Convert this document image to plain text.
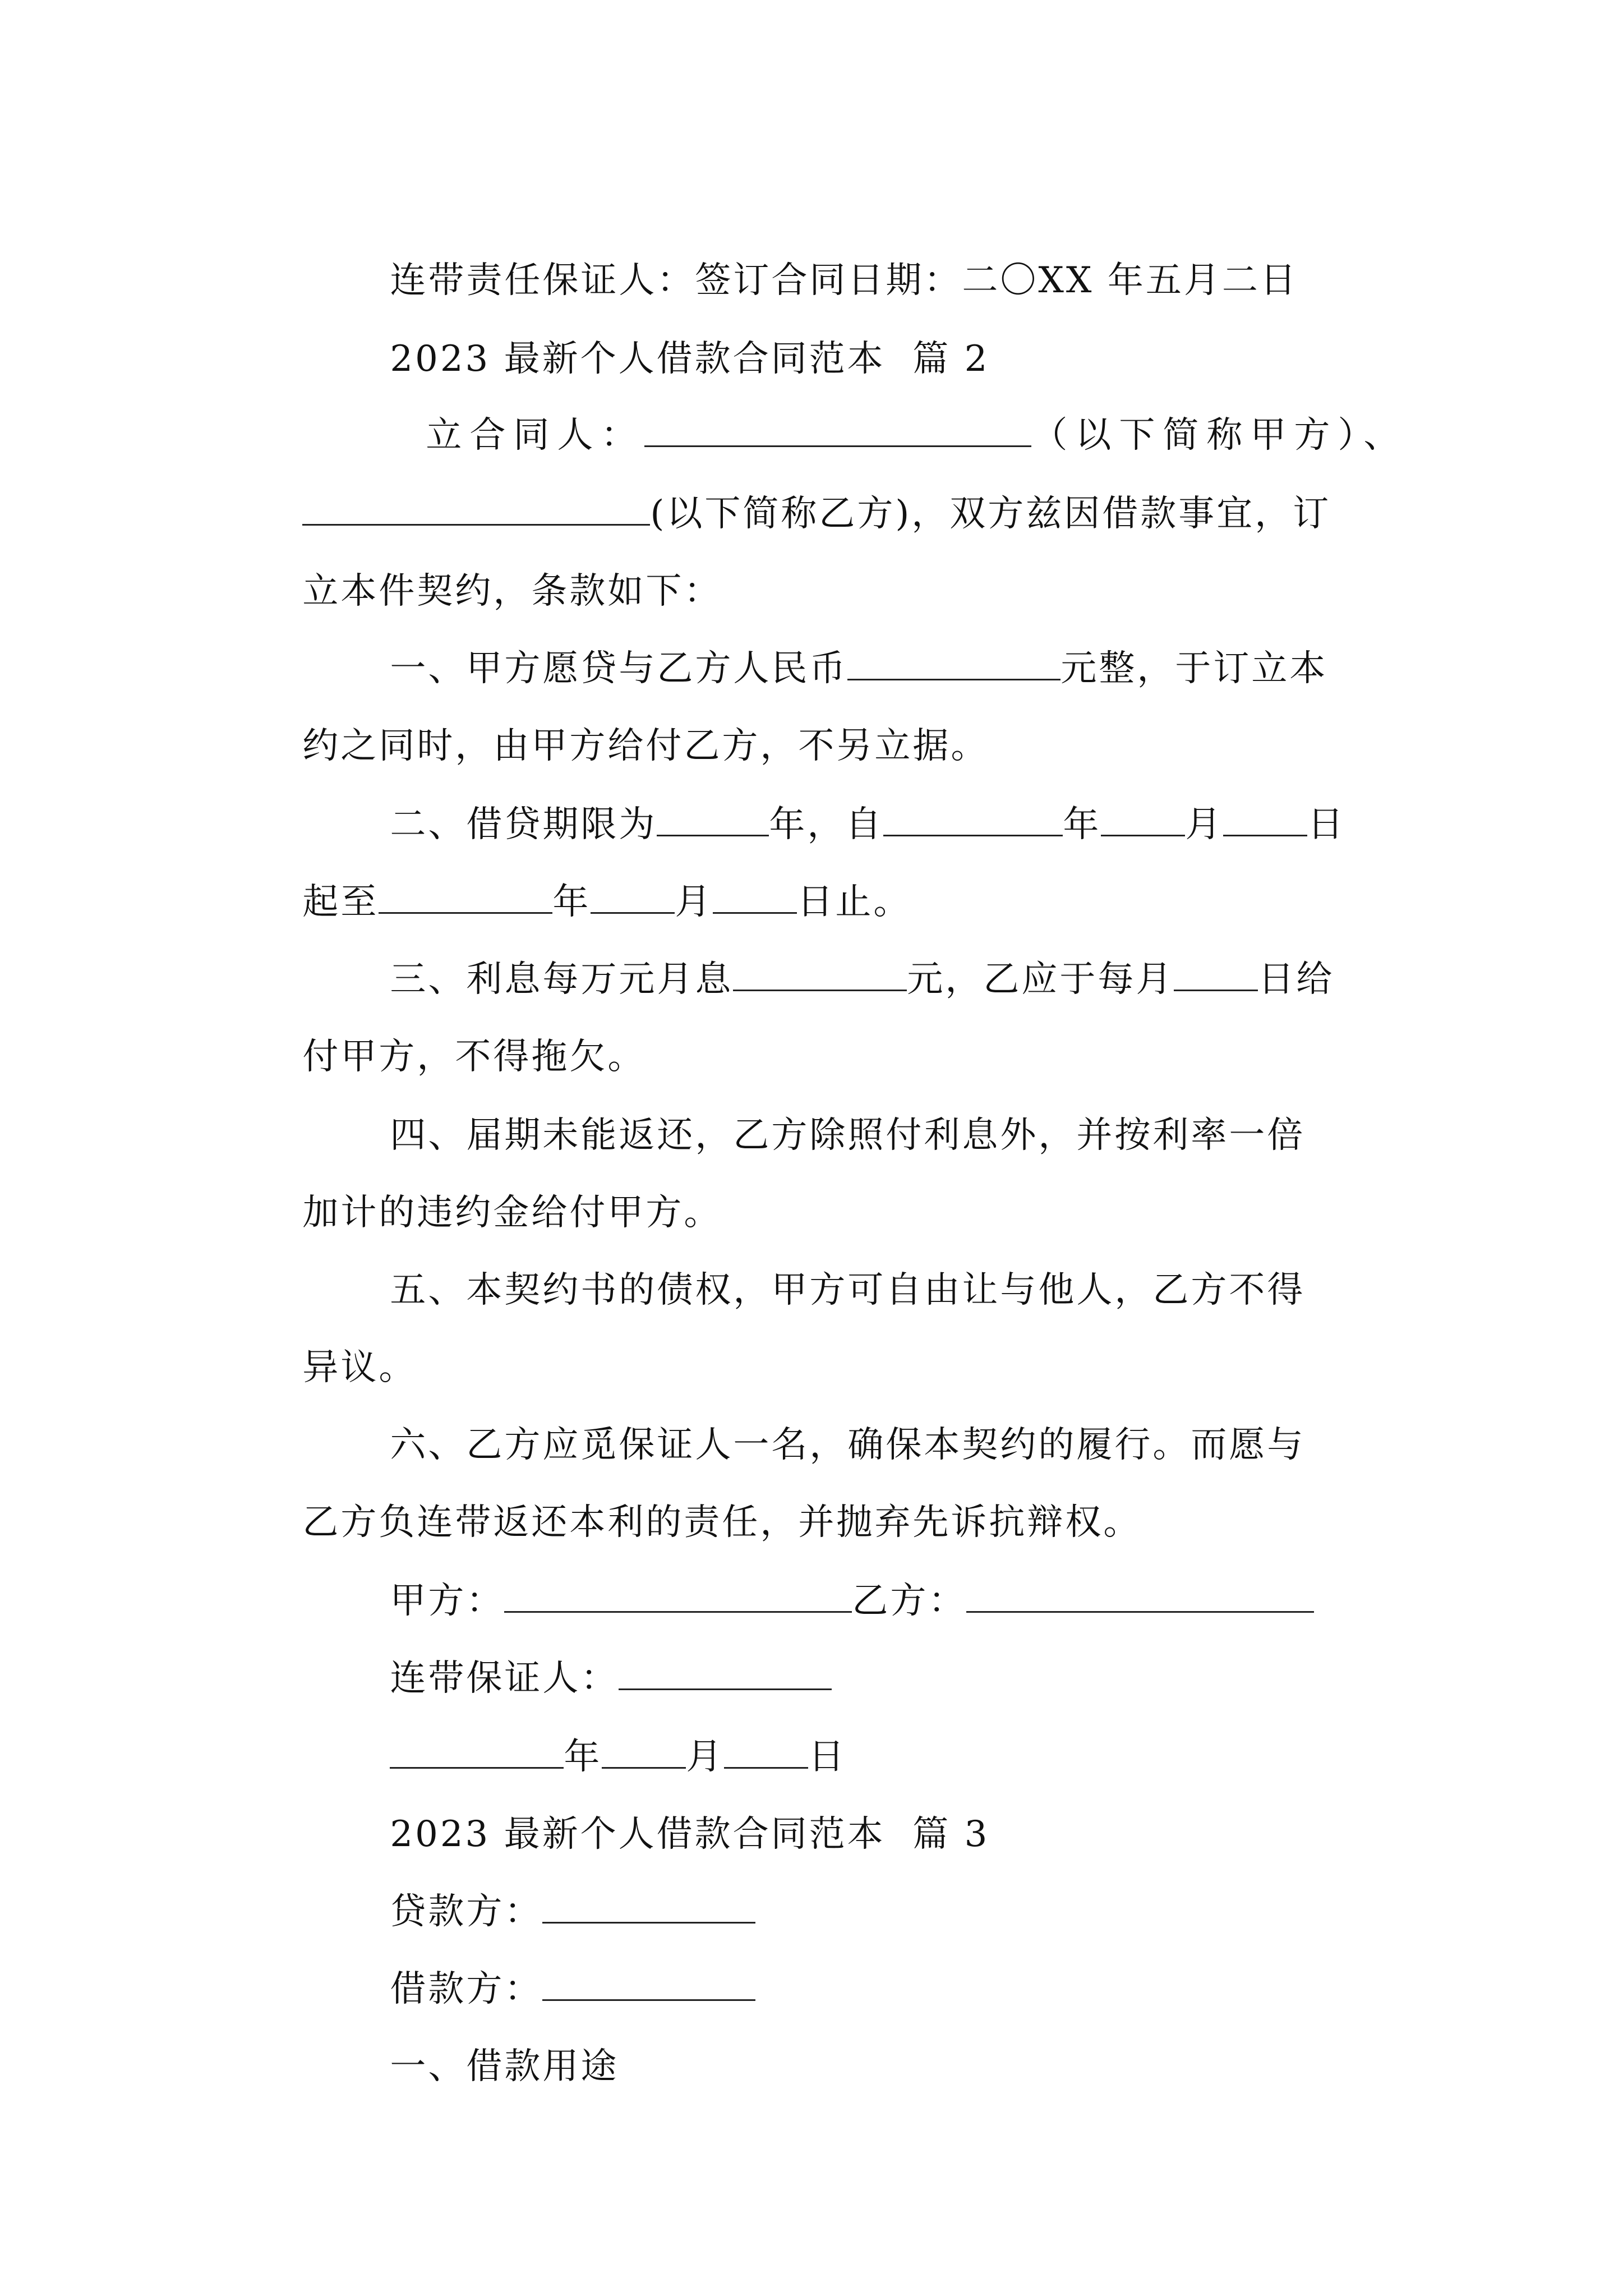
连带责任保证人：签订合同日期：二〇XX 年五月二日

2023 最新个人借款合同范本  篇 2

立合同人：	（以下简称甲方）、

(以下简称乙方)，双方兹因借款事宜，订

立本件契约，条款如下：

一、甲方愿贷与乙方人民币	元整，于订立本

约之同时，由甲方给付乙方，不另立据。

二、借贷期限为	年，自	年 月 日

起至	年 月 日止。

三、利息每万元月息	元，乙应于每月 日给

付甲方，不得拖欠。

四、届期未能返还，乙方除照付利息外，并按利率一倍

加计的违约金给付甲方。

五、本契约书的债权，甲方可自由让与他人，乙方不得

异议。

六、乙方应觅保证人一名，确保本契约的履行。而愿与

乙方负连带返还本利的责任，并抛弃先诉抗辩权。

甲方：	乙方：

连带保证人：

年 月 日

2023 最新个人借款合同范本  篇 3

贷款方：

借款方：

一、借款用途
